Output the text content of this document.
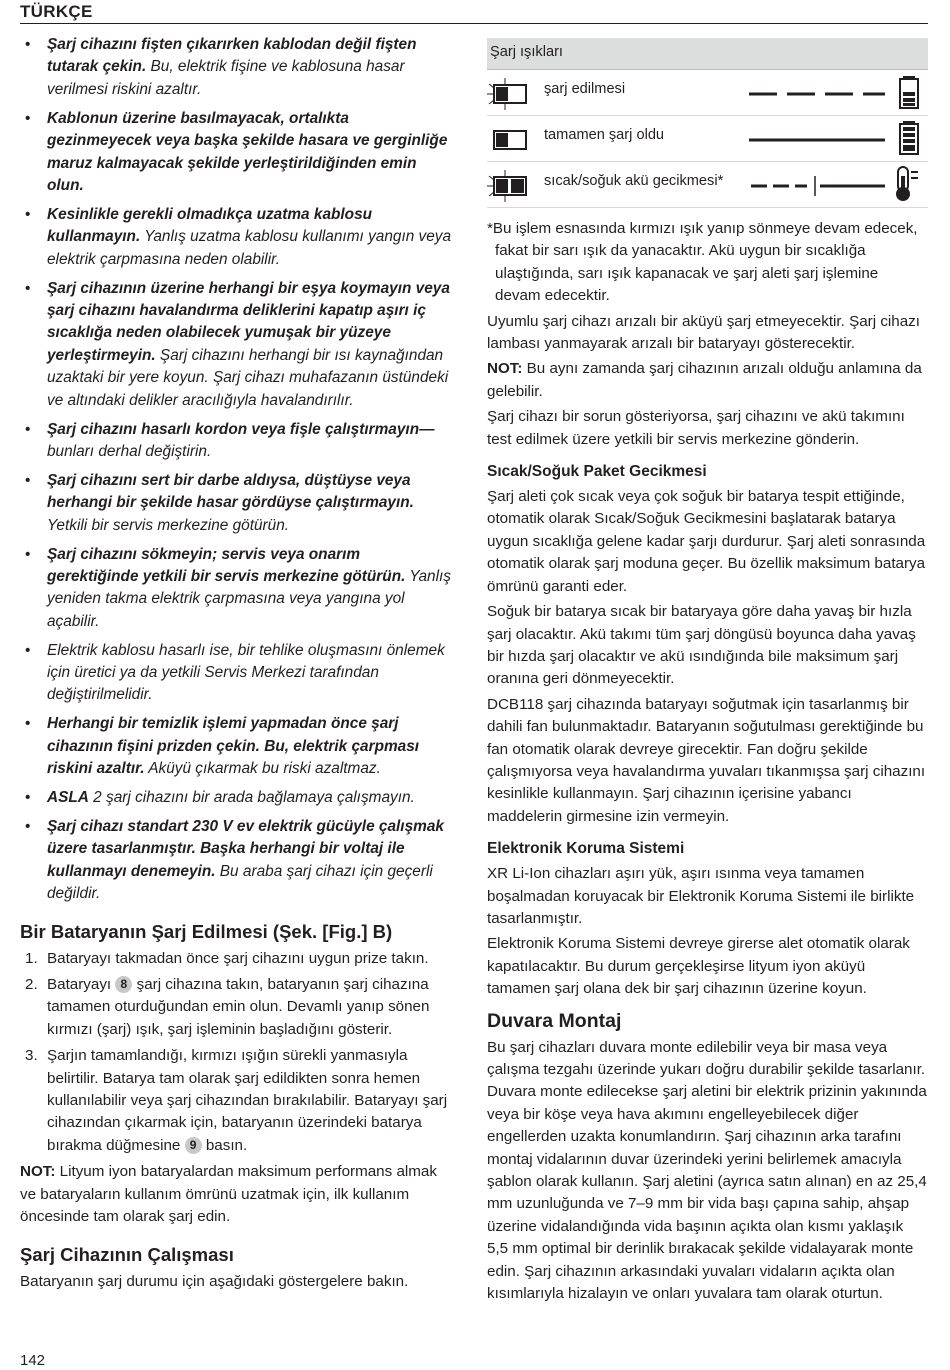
TÜRKÇE
• Şarj cihazını fişten çıkarırken kablodan değil fişten tutarak çekin. Bu, elektrik fişine ve kablosuna hasar verilmesi riskini azaltır.
• Kablonun üzerine basılmayacak, ortalıkta gezinmeyecek veya başka şekilde hasara ve gerginliğe maruz kalmayacak şekilde yerleştirildiğinden emin olun.
• Kesinlikle gerekli olmadıkça uzatma kablosu kullanmayın. Yanlış uzatma kablosu kullanımı yangın veya elektrik çarpmasına neden olabilir.
• Şarj cihazının üzerine herhangi bir eşya koymayın veya şarj cihazını havalandırma deliklerini kapatıp aşırı iç sıcaklığa neden olabilecek yumuşak bir yüzeye yerleştirmeyin. Şarj cihazını herhangi bir ısı kaynağından uzaktaki bir yere koyun. Şarj cihazı muhafazanın üstündeki ve altındaki delikler aracılığıyla havalandırılır.
• Şarj cihazını hasarlı kordon veya fişle çalıştırmayın— bunları derhal değiştirin.
• Şarj cihazını sert bir darbe aldıysa, düştüyse veya herhangi bir şekilde hasar gördüyse çalıştırmayın. Yetkili bir servis merkezine götürün.
• Şarj cihazını sökmeyin; servis veya onarım gerektiğinde yetkili bir servis merkezine götürün. Yanlış yeniden takma elektrik çarpmasına veya yangına yol açabilir.
• Elektrik kablosu hasarlı ise, bir tehlike oluşmasını önlemek için üretici ya da yetkili Servis Merkezi tarafından değiştirilmelidir.
• Herhangi bir temizlik işlemi yapmadan önce şarj cihazının fişini prizden çekin. Bu, elektrik çarpması riskini azaltır. Aküyü çıkarmak bu riski azaltmaz.
• ASLA 2 şarj cihazını bir arada bağlamaya çalışmayın.
• Şarj cihazı standart 230 V ev elektrik gücüyle çalışmak üzere tasarlanmıştır. Başka herhangi bir voltaj ile kullanmayı denemeyin. Bu araba şarj cihazı için geçerli değildir.
Bir Bataryanın Şarj Edilmesi (Şek. [Fig.] B)
1. Bataryayı takmadan önce şarj cihazını uygun prize takın.
2. Bataryayı 8 şarj cihazına takın, bataryanın şarj cihazına tamamen oturduğundan emin olun. Devamlı yanıp sönen kırmızı (şarj) ışık, şarj işleminin başladığını gösterir.
3. Şarjın tamamlandığı, kırmızı ışığın sürekli yanmasıyla belirtilir. Batarya tam olarak şarj edildikten sonra hemen kullanılabilir veya şarj cihazından bırakılabilir. Bataryayı şarj cihazından çıkarmak için, bataryanın üzerindeki batarya bırakma düğmesine 9 basın.

NOT: Lityum iyon bataryalardan maksimum performans almak ve bataryaların kullanım ömrünü uzatmak için, ilk kullanım öncesinde tam olarak şarj edin.

Şarj Cihazının Çalışması

Bataryanın şarj durumu için aşağıdaki göstergelere bakın.

Şarj ışıkları
şarj edilmesi
tamamen şarj oldu
sıcak/soğuk akü gecikmesi*

*Bu işlem esnasında kırmızı ışık yanıp sönmeye devam edecek, fakat bir sarı ışık da yanacaktır. Akü uygun bir sıcaklığa ulaştığında, sarı ışık kapanacak ve şarj aleti şarj işlemine devam edecektir.

Uyumlu şarj cihazı arızalı bir aküyü şarj etmeyecektir. Şarj cihazı lambası yanmayarak arızalı bir bataryayı gösterecektir.

NOT: Bu aynı zamanda şarj cihazının arızalı olduğu anlamına da gelebilir.

Şarj cihazı bir sorun gösteriyorsa, şarj cihazını ve akü takımını test edilmek üzere yetkili bir servis merkezine gönderin.

Sıcak/Soğuk Paket Gecikmesi

Şarj aleti çok sıcak veya çok soğuk bir batarya tespit ettiğinde, otomatik olarak Sıcak/Soğuk Gecikmesini başlatarak batarya uygun sıcaklığa gelene kadar şarjı durdurur. Şarj aleti sonrasında otomatik olarak şarj moduna geçer. Bu özellik maksimum batarya ömrünü garanti eder.

Soğuk bir batarya sıcak bir bataryaya göre daha yavaş bir hızla şarj olacaktır. Akü takımı tüm şarj döngüsü boyunca daha yavaş bir hızda şarj olacaktır ve akü ısındığında bile maksimum şarj oranına geri dönmeyecektir.

DCB118 şarj cihazında bataryayı soğutmak için tasarlanmış bir dahili fan bulunmaktadır. Bataryanın soğutulması gerektiğinde bu fan otomatik olarak devreye girecektir. Fan doğru şekilde çalışmıyorsa veya havalandırma yuvaları tıkanmışsa şarj cihazını kesinlikle kullanmayın. Şarj cihazının içerisine yabancı maddelerin girmesine izin vermeyin.

Elektronik Koruma Sistemi

XR Li-Ion cihazları aşırı yük, aşırı ısınma veya tamamen boşalmadan koruyacak bir Elektronik Koruma Sistemi ile birlikte tasarlanmıştır.

Elektronik Koruma Sistemi devreye girerse alet otomatik olarak kapatılacaktır. Bu durum gerçekleşirse lityum iyon aküyü tamamen şarj olana dek bir şarj cihazının üzerine koyun.

Duvara Montaj

Bu şarj cihazları duvara monte edilebilir veya bir masa veya çalışma tezgahı üzerinde yukarı doğru durabilir şekilde tasarlanır. Duvara monte edilecekse şarj aletini bir elektrik prizinin yakınında veya bir köşe veya hava akımını engelleyebilecek diğer engellerden uzakta konumlandırın. Şarj cihazının arka tarafını montaj vidalarının duvar üzerindeki yerini belirlemek amacıyla şablon olarak kullanın. Şarj aletini (ayrıca satın alınan) en az 25,4 mm uzunluğunda ve 7–9 mm bir vida başı çapına sahip, ahşap üzerine vidalandığında vida başının açıkta olan kısmı yaklaşık 5,5 mm optimal bir derinlik bırakacak şekilde vidalayarak monte edin. Şarj cihazının arkasındaki yuvaları vidaların açıkta olan kısımlarıyla hizalayın ve onları yuvalara tam olarak oturtun.

142
